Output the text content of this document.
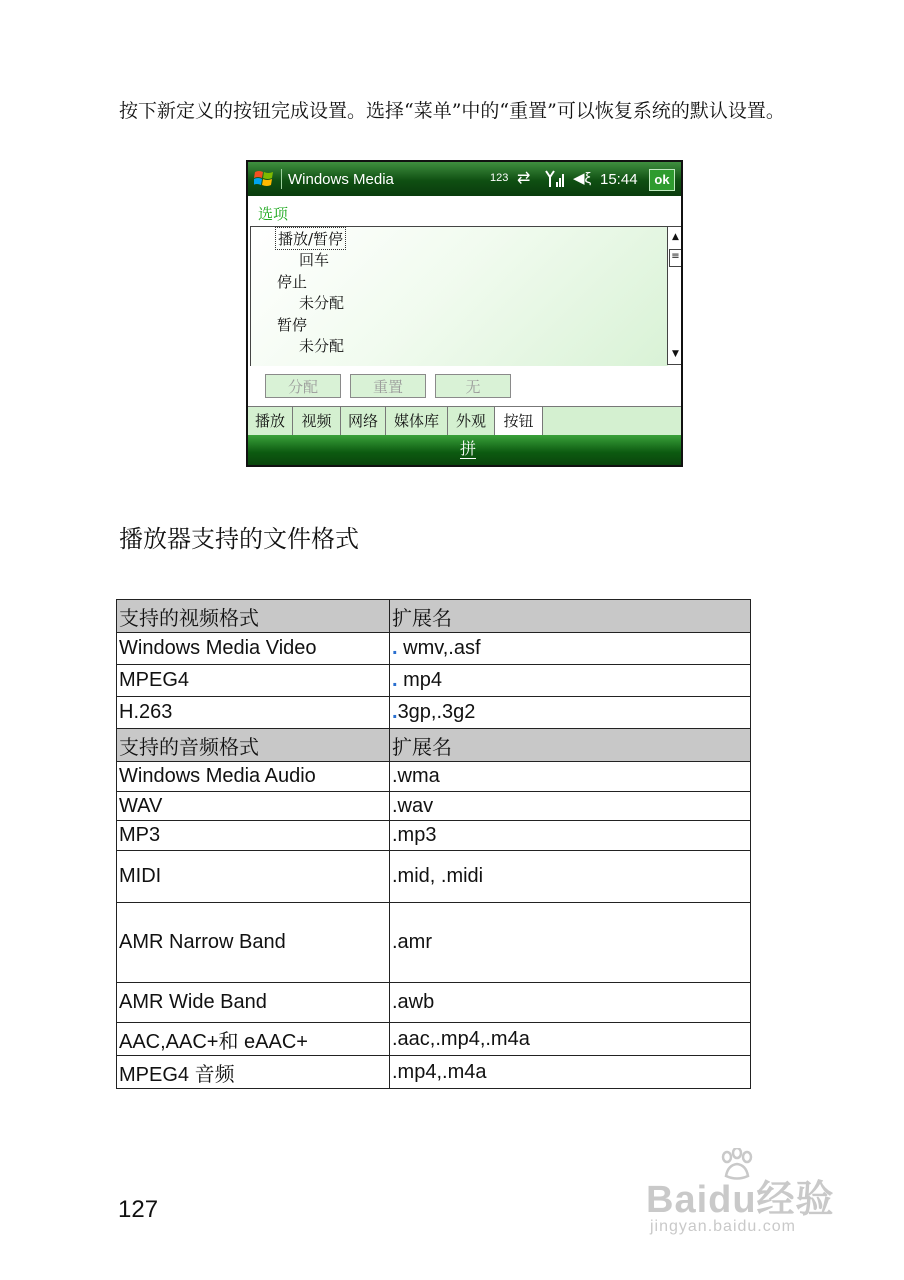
按下新定义的按钮完成设置。选择“菜单”中的“重置”可以恢复系统的默认设置。

Windows Media	123 ⇄	◀ξ 15:44	ok
选项
播放/暂停
回车
停止
未分配
暂停
未分配
▲
≡
▼
分配	重置	无
播放	视频	网络	媒体库	外观	按钮
拼
播放器支持的文件格式
支持的视频格式	扩展名
Windows Media Video	. wmv,.asf
MPEG4	. mp4
H.263	.3gp,.3g2
支持的音频格式	扩展名
Windows Media Audio	.wma
WAV	.wav
MP3	.mp3
MIDI	.mid, .midi
AMR Narrow Band	.amr
AMR Wide Band	.awb
AAC,AAC+和 eAAC+	.aac,.mp4,.m4a
MPEG4 音频	.mp4,.m4a
127	Baidu经验
jingyan.baidu.com
